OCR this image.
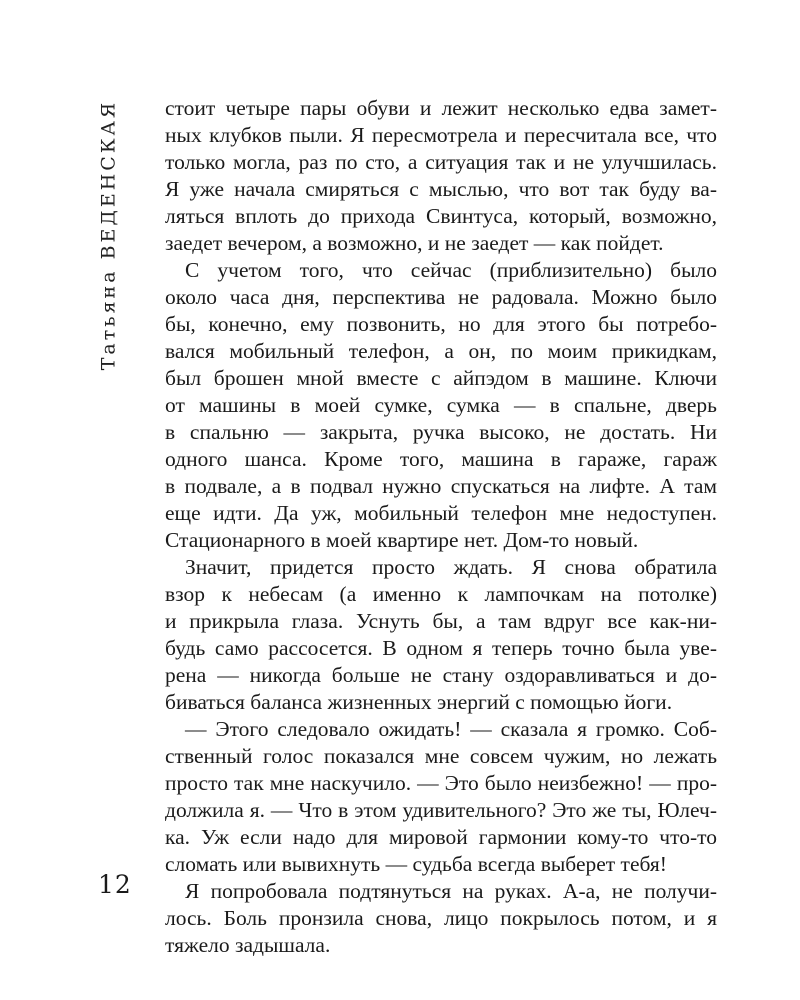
Татьяна ВЕДЕНСКАЯ стоит четыре пары обуви и лежит несколько едва замет-
ных клубков пыли. Я пересмотрела и пересчитала все, что
только могла, раз по сто, а ситуация так и не улучшилась.
Я уже начала смиряться с мыслью, что вот так буду ва-
ляться вплоть до прихода Свинтуса, который, возможно,
заедет вечером, а возможно, и не заедет — как пойдет.
С учетом того, что сейчас (приблизительно) было
около часа дня, перспектива не радовала. Можно было
бы, конечно, ему позвонить, но для этого бы потребо-
вался мобильный телефон, а он, по моим прикидкам,
был брошен мной вместе с айпэдом в машине. Ключи
от машины в моей сумке, сумка — в спальне, дверь
в спальню — закрыта, ручка высоко, не достать. Ни
одного шанса. Кроме того, машина в гараже, гараж
в подвале, а в подвал нужно спускаться на лифте. А там
еще идти. Да уж, мобильный телефон мне недоступен.
Стационарного в моей квартире нет. Дом-то новый.
Значит, придется просто ждать. Я снова обратила
взор к небесам (а именно к лампочкам на потолке)
и прикрыла глаза. Уснуть бы, а там вдруг все как-ни-
будь само рассосется. В одном я теперь точно была уве-
рена — никогда больше не стану оздоравливаться и до-
биваться баланса жизненных энергий с помощью йоги.
— Этого следовало ожидать! — сказала я громко. Соб-
ственный голос показался мне совсем чужим, но лежать
просто так мне наскучило. — Это было неизбежно! — про-
должила я. — Что в этом удивительного? Это же ты, Юлеч-
ка. Уж если надо для мировой гармонии кому-то что-то
сломать или вывихнуть — судьба всегда выберет тебя!
Я попробовала подтянуться на руках. А-а, не получи-
лось. Боль пронзила снова, лицо покрылось потом, и я
тяжело задышала.
12
